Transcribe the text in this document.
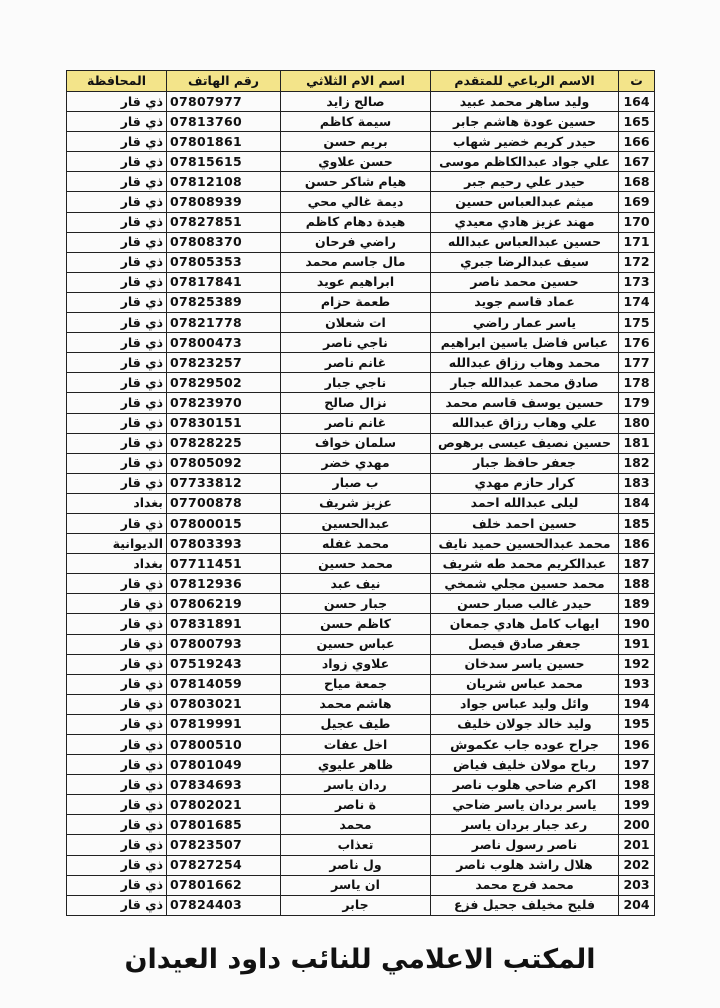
ت	الاسم الرباعي للمتقدم	اسم الام الثلاثي	رقم الهاتف	المحافظة
164	وليد ساهر محمد عبيد	صالح زايد	07807977	ذي قار
165	حسين عودة هاشم جابر	سيمة كاظم	07813760	ذي قار
166	حيدر كريم خضير شهاب	بريم حسن	07801861	ذي قار
167	علي جواد عبدالكاظم موسى	حسن علاوي	07815615	ذي قار
168	حيدر علي رحيم جبر	هيام شاكر حسن	07812108	ذي قار
169	ميثم عبدالعباس حسين	ديمة غالي محي	07808939	ذي قار
170	مهند عزيز هادي معيدي	هيدة دهام كاظم	07827851	ذي قار
171	حسين عبدالعباس عبدالله	راضي فرحان	07808370	ذي قار
172	سيف عبدالرضا جبري	مال جاسم محمد	07805353	ذي قار
173	حسين محمد ناصر	ابراهيم عويد	07817841	ذي قار
174	عماد قاسم جويد	طعمة حزام	07825389	ذي قار
175	ياسر عمار راضي	ات شعلان	07821778	ذي قار
176	عباس فاضل ياسين ابراهيم	ناجي ناصر	07800473	ذي قار
177	محمد وهاب رزاق عبدالله	غانم ناصر	07823257	ذي قار
178	صادق محمد عبدالله جبار	ناجي جبار	07829502	ذي قار
179	حسين يوسف قاسم محمد	نزال صالح	07823970	ذي قار
180	علي وهاب رزاق عبدالله	غانم ناصر	07830151	ذي قار
181	حسين نصيف عيسى برهوص	سلمان خواف	07828225	ذي قار
182	جعفر حافظ جبار	مهدي خضر	07805092	ذي قار
183	كرار حازم مهدي	ب صبار	07733812	ذي قار
184	ليلى عبدالله احمد	عزيز شريف	07700878	بغداد
185	حسين احمد خلف	عبدالحسين	07800015	ذي قار
186	محمد عبدالحسين حميد نايف	محمد غفله	07803393	الديوانية
187	عبدالكريم محمد طه شريف	محمد حسين	07711451	بغداد
188	محمد حسين مجلي شمخي	نيف عبد	07812936	ذي قار
189	حيدر غالب صبار حسن	جبار حسن	07806219	ذي قار
190	ايهاب كامل هادي جمعان	كاظم حسن	07831891	ذي قار
191	جعفر صادق فيصل	عباس حسين	07800793	ذي قار
192	حسين ياسر سدخان	علاوي زواد	07519243	ذي قار
193	محمد عباس شريان	جمعة مياح	07814059	ذي قار
194	وائل وليد عباس جواد	هاشم محمد	07803021	ذي قار
195	وليد خالد جولان خليف	طيف عجيل	07819991	ذي قار
196	جراح عوده جاب عكموش	اخل عفات	07800510	ذي قار
197	رباح مولان خليف فياض	ظاهر عليوي	07801049	ذي قار
198	اكرم ضاحي هلوب ناصر	ردان ياسر	07834693	ذي قار
199	ياسر بردان ياسر ضاحي	ة ناصر	07802021	ذي قار
200	رعد جبار بردان ياسر	محمد	07801685	ذي قار
201	ناصر رسول ناصر	تعذاب	07823507	ذي قار
202	هلال راشد هلوب ناصر	ول ناصر	07827254	ذي قار
203	محمد فرج محمد	ان ياسر	07801662	ذي قار
204	فليح مخيلف جحيل فزع	جابر	07824403	ذي قار
المكتب الاعلامي للنائب داود العيدان
